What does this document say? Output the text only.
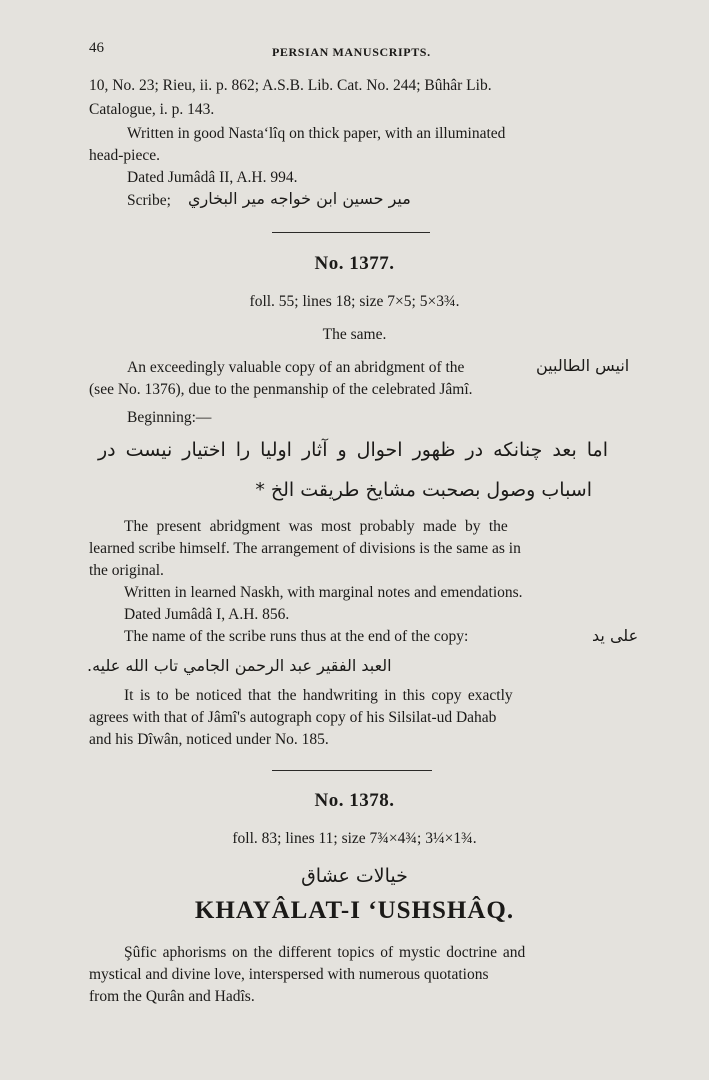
46	PERSIAN MANUSCRIPTS.
10, No. 23; Rieu, ii. p. 862; A.S.B. Lib. Cat. No. 244; Bûhâr Lib.
Catalogue, i. p. 143.
Written in good Nasta‘lîq on thick paper, with an illuminated
head-piece.
Dated Jumâdâ II, A.H. 994.
Scribe; میر حسین ابن خواجه میر البخاري
No. 1377.
foll. 55; lines 18; size 7×5; 5×3¾.
The same.
An exceedingly valuable copy of an abridgment of the	انیس الطالبین
(see No. 1376), due to the penmanship of the celebrated Jâmî.
Beginning:—
اما بعد چنانکه در ظهور احوال و آثار اولیا را اختیار نیست در
اسباب وصول بصحبت مشایخ طریقت الخ *
The present abridgment was most probably made by the
learned scribe himself. The arrangement of divisions is the same as in
the original.
Written in learned Naskh, with marginal notes and emendations.
Dated Jumâdâ I, A.H. 856.
The name of the scribe runs thus at the end of the copy:	علی ید
العبد الفقیر عبد الرحمن الجامي تاب الله علیه.
It is to be noticed that the handwriting in this copy exactly
agrees with that of Jâmî's autograph copy of his Silsilat-ud Dahab
and his Dîwân, noticed under No. 185.
No. 1378.
foll. 83; lines 11; size 7¾×4¾; 3¼×1¾.
خیالات عشاق
KHAYÂLAT-I ‘USHSHÂQ.
Şûfic aphorisms on the different topics of mystic doctrine and
mystical and divine love, interspersed with numerous quotations
from the Qurân and Hadîs.
